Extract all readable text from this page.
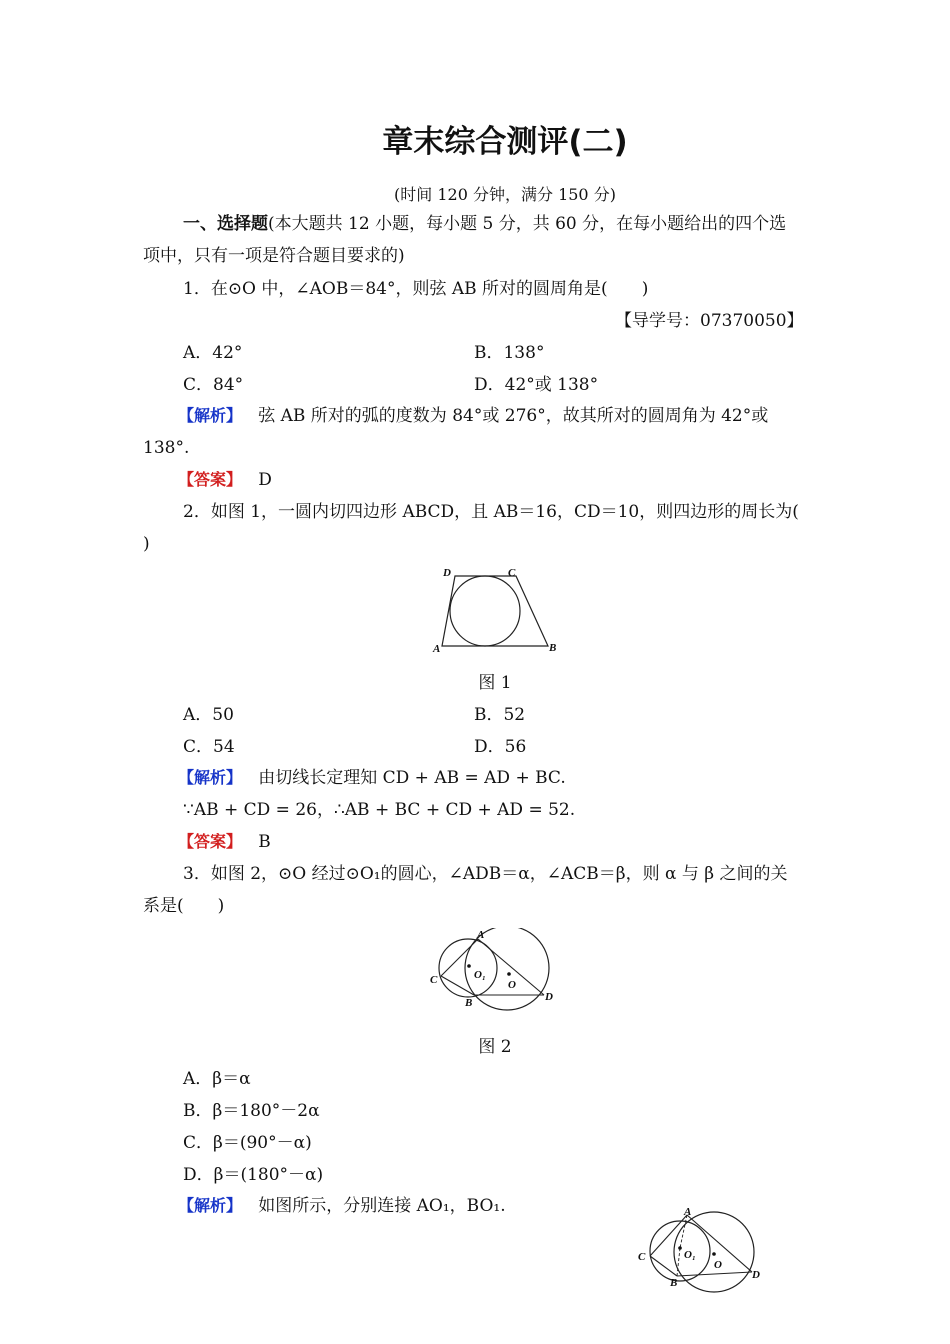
章末综合测评(二)
(时间 120 分钟，满分 150 分)
一、选择题(本大题共 12 小题，每小题 5 分，共 60 分，在每小题给出的四个选
项中，只有一项是符合题目要求的)
1．在⊙O 中，∠AOB＝84°，则弦 AB 所对的圆周角是(　　)
【导学号：07370050】
A．42°	B．138°
C．84°	D．42°或 138°
【解析】 弦 AB 所对的弧的度数为 84°或 276°，故其所对的圆周角为 42°或
138°.
【答案】 D
2．如图 1，一圆内切四边形 ABCD，且 AB＝16，CD＝10，则四边形的周长为(
)
D	C
A	B
图 1
A．50	B．52
C．54	D．56
【解析】 由切线长定理知 CD + AB = AD + BC.
∵AB + CD = 26，∴AB + BC + CD + AD = 52.
【答案】 B
3．如图 2，⊙O 经过⊙O₁的圆心，∠ADB＝α，∠ACB＝β，则 α 与 β 之间的关
系是(　　)
A
C
B	D
O₁
O
图 2
A．β＝α
B．β＝180°－2α
C．β＝(90°－α)
D．β＝(180°－α)
【解析】 如图所示，分别连接 AO₁，BO₁.	A
C
B
D
O₁
O
